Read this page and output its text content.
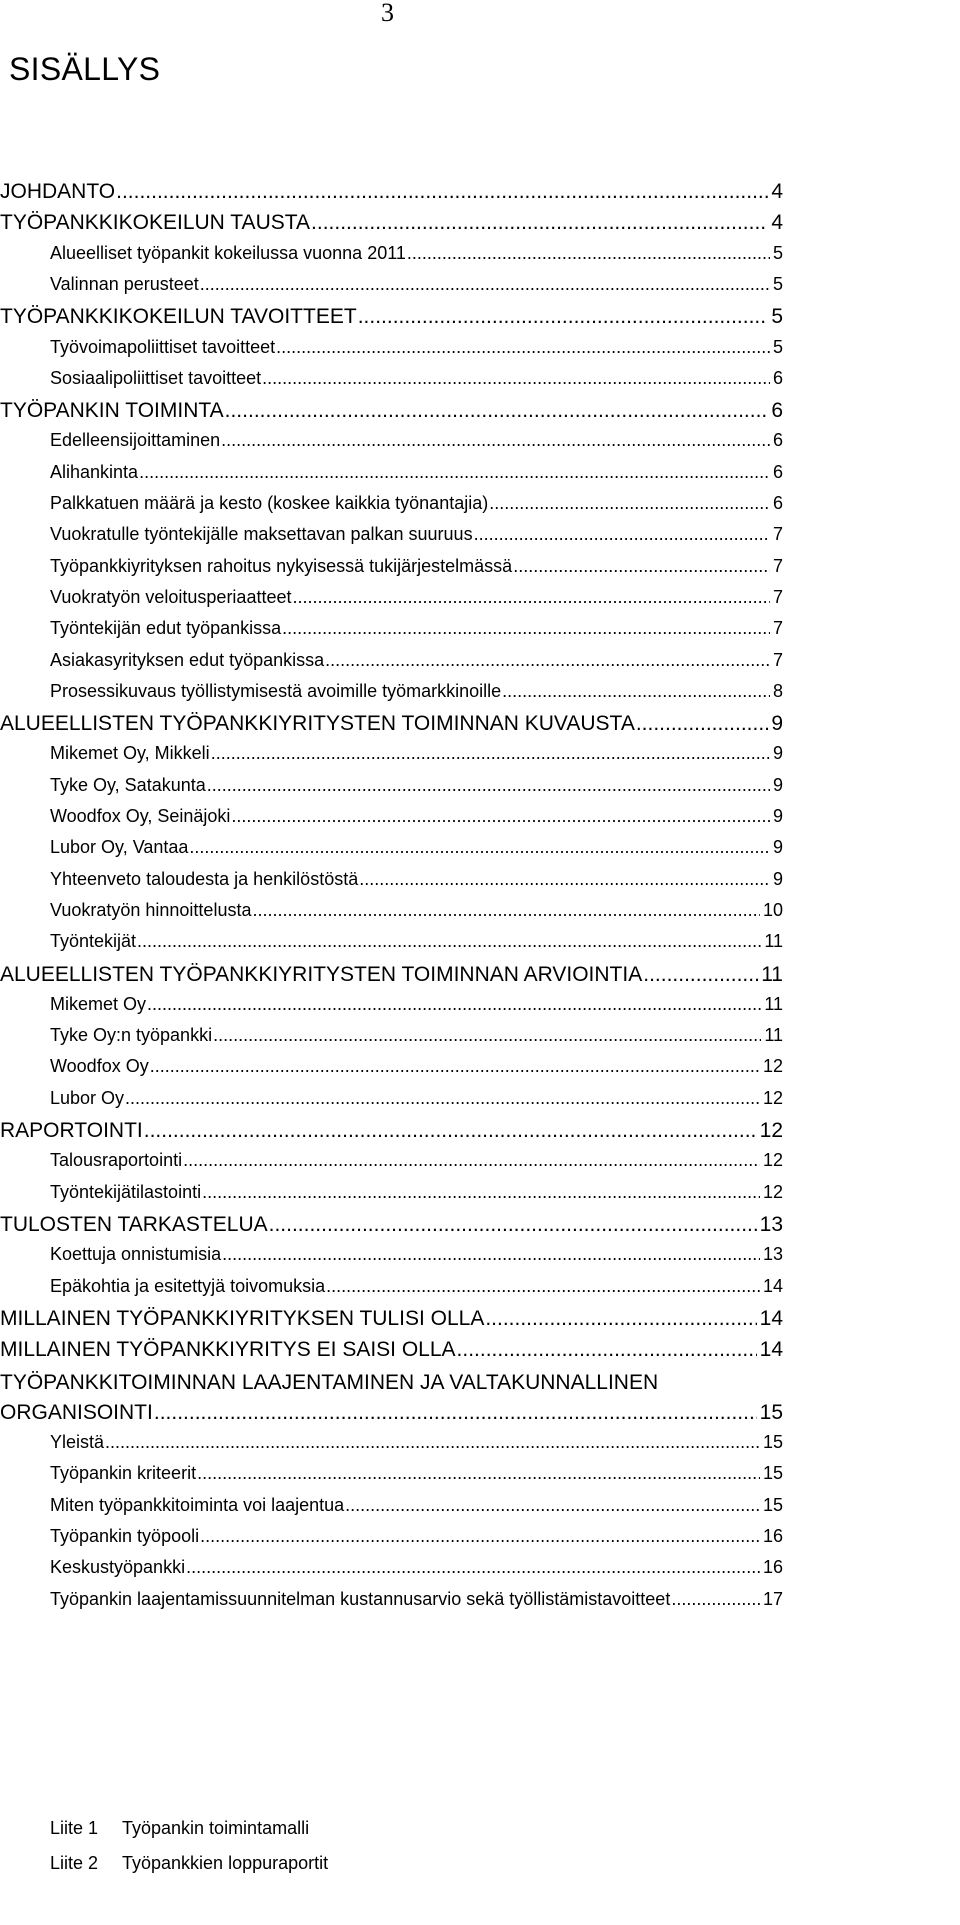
3
SISÄLLYS
JOHDANTO .....	4
TYÖPANKKIKOKEILUN TAUSTA .....	4
Alueelliset työpankit kokeilussa vuonna 2011 .....	5
Valinnan perusteet .....	5
TYÖPANKKIKOKEILUN TAVOITTEET .....	5
Työvoimapoliittiset tavoitteet .....	5
Sosiaalipoliittiset tavoitteet .....	6
TYÖPANKIN TOIMINTA .....	6
Edelleensijoittaminen .....	6
Alihankinta .....	6
Palkkatuen määrä ja kesto (koskee kaikkia työnantajia) .....	6
Vuokratulle työntekijälle maksettavan palkan suuruus .....	7
Työpankkiyrityksen rahoitus nykyisessä tukijärjestelmässä .....	7
Vuokratyön veloitusperiaatteet .....	7
Työntekijän edut työpankissa .....	7
Asiakasyrityksen edut työpankissa .....	7
Prosessikuvaus työllistymisestä avoimille työmarkkinoille .....	8
ALUEELLISTEN TYÖPANKKIYRITYSTEN TOIMINNAN KUVAUSTA .....	9
Mikemet Oy, Mikkeli .....	9
Tyke Oy, Satakunta .....	9
Woodfox Oy, Seinäjoki .....	9
Lubor Oy, Vantaa .....	9
Yhteenveto taloudesta ja henkilöstöstä .....	9
Vuokratyön hinnoittelusta .....	10
Työntekijät .....	11
ALUEELLISTEN TYÖPANKKIYRITYSTEN TOIMINNAN ARVIOINTIA .....	11
Mikemet Oy .....	11
Tyke Oy:n työpankki .....	11
Woodfox Oy .....	12
Lubor Oy .....	12
RAPORTOINTI .....	12
Talousraportointi .....	12
Työntekijätilastointi .....	12
TULOSTEN TARKASTELUA .....	13
Koettuja onnistumisia .....	13
Epäkohtia ja esitettyjä toivomuksia .....	14
MILLAINEN TYÖPANKKIYRITYKSEN TULISI OLLA .....	14
MILLAINEN TYÖPANKKIYRITYS EI SAISI OLLA .....	14
TYÖPANKKITOIMINNAN LAAJENTAMINEN JA VALTAKUNNALLINEN
ORGANISOINTI .....	15
Yleistä .....	15
Työpankin kriteerit .....	15
Miten työpankkitoiminta voi laajentua .....	15
Työpankin työpooli .....	16
Keskustyöpankki .....	16
Työpankin laajentamissuunnitelman kustannusarvio sekä työllistämistavoitteet .....	17
Liite 1 Työpankin toimintamalli
Liite 2 Työpankkien loppuraportit
